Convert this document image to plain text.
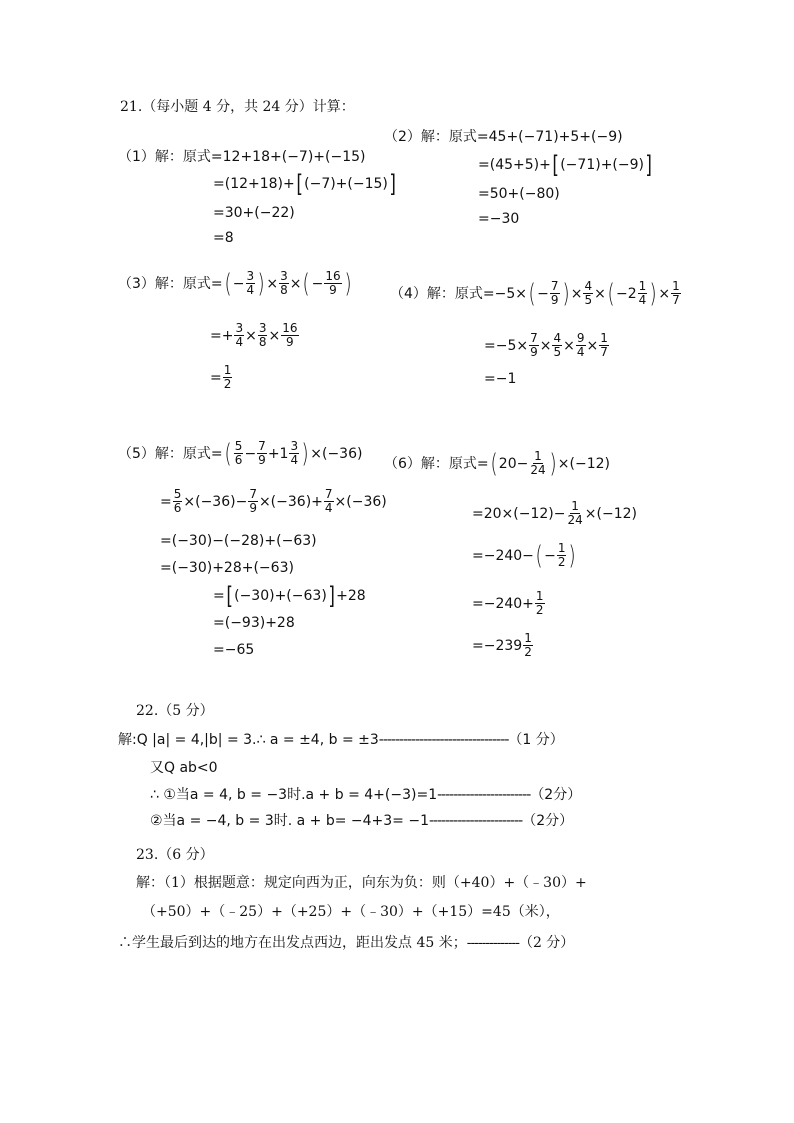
21.（每小题 4 分，共 24 分）计算：
（1）解：原式=12+18+(−7)+(−15)
=(12+18)+[(−7)+(−15)]
=30+(−22)
=8
（2）解：原式=45+(−71)+5+(−9)
=(45+5)+[(−71)+(−9)]
=50+(−80)
=−30
（3）解：原式= ( − $\frac{3}{4}$ ) × $\frac{3}{8}$ × ( − $\frac{16}{9}$ )
=+ $\frac{3}{4} \times \frac{3}{8} \times \frac{16}{9}$
= $\frac{1}{2}$
（4）解：原式=−5× ( − $\frac{7}{9}$ ) × $\frac{4}{5}$ × ( $-2 \frac{1}{4}$ ) × $\frac{1}{7}$
$=-5\times \frac{7}{9} \times \frac{4}{5} \times \frac{9}{4} \times \frac{1}{7}$
=−1
（5）解：原式= ( $\frac{5}{6} - \frac{7}{9} +1 \frac{3}{4}$ ) ×(−36)
= $\frac{5}{6} \times(-36)- \frac{7}{9} \times(-36)+ \frac{7}{4} \times(-36)$
=(−30)−(−28)+(−63)
=(−30)+28+(−63)
=[(−30)+(−63)]+28
=(−93)+28
=−65
（6）解：原式= ( $20- \frac{1}{24}$ ) ×(−12)
$=20\times(-12)- \frac{1}{24} \times(-12)$
=−240− ( − $\frac{1}{2}$ )
$=-240+ \frac{1}{2}$
$=-239 \frac{1}{2}$
22.（5 分）
解:Q |a| = 4,|b| = 3.∴ a = ±4, b = ±3--------------------------------（1 分）
又Q ab<0
∴ ①当a = 4, b = −3时.a + b = 4+(−3)=1-----------------------（2分）
②当a = −4, b = 3时. a + b= −4+3= −1-----------------------（2分）
23.（6 分）
解：（1）根据题意：规定向西为正，向东为负：则（+40）+（﹣30）+
（+50）+（﹣25）+（+25）+（﹣30）+（+15）=45（米），
∴学生最后到达的地方在出发点西边，距出发点 45 米；--------------（2 分）
